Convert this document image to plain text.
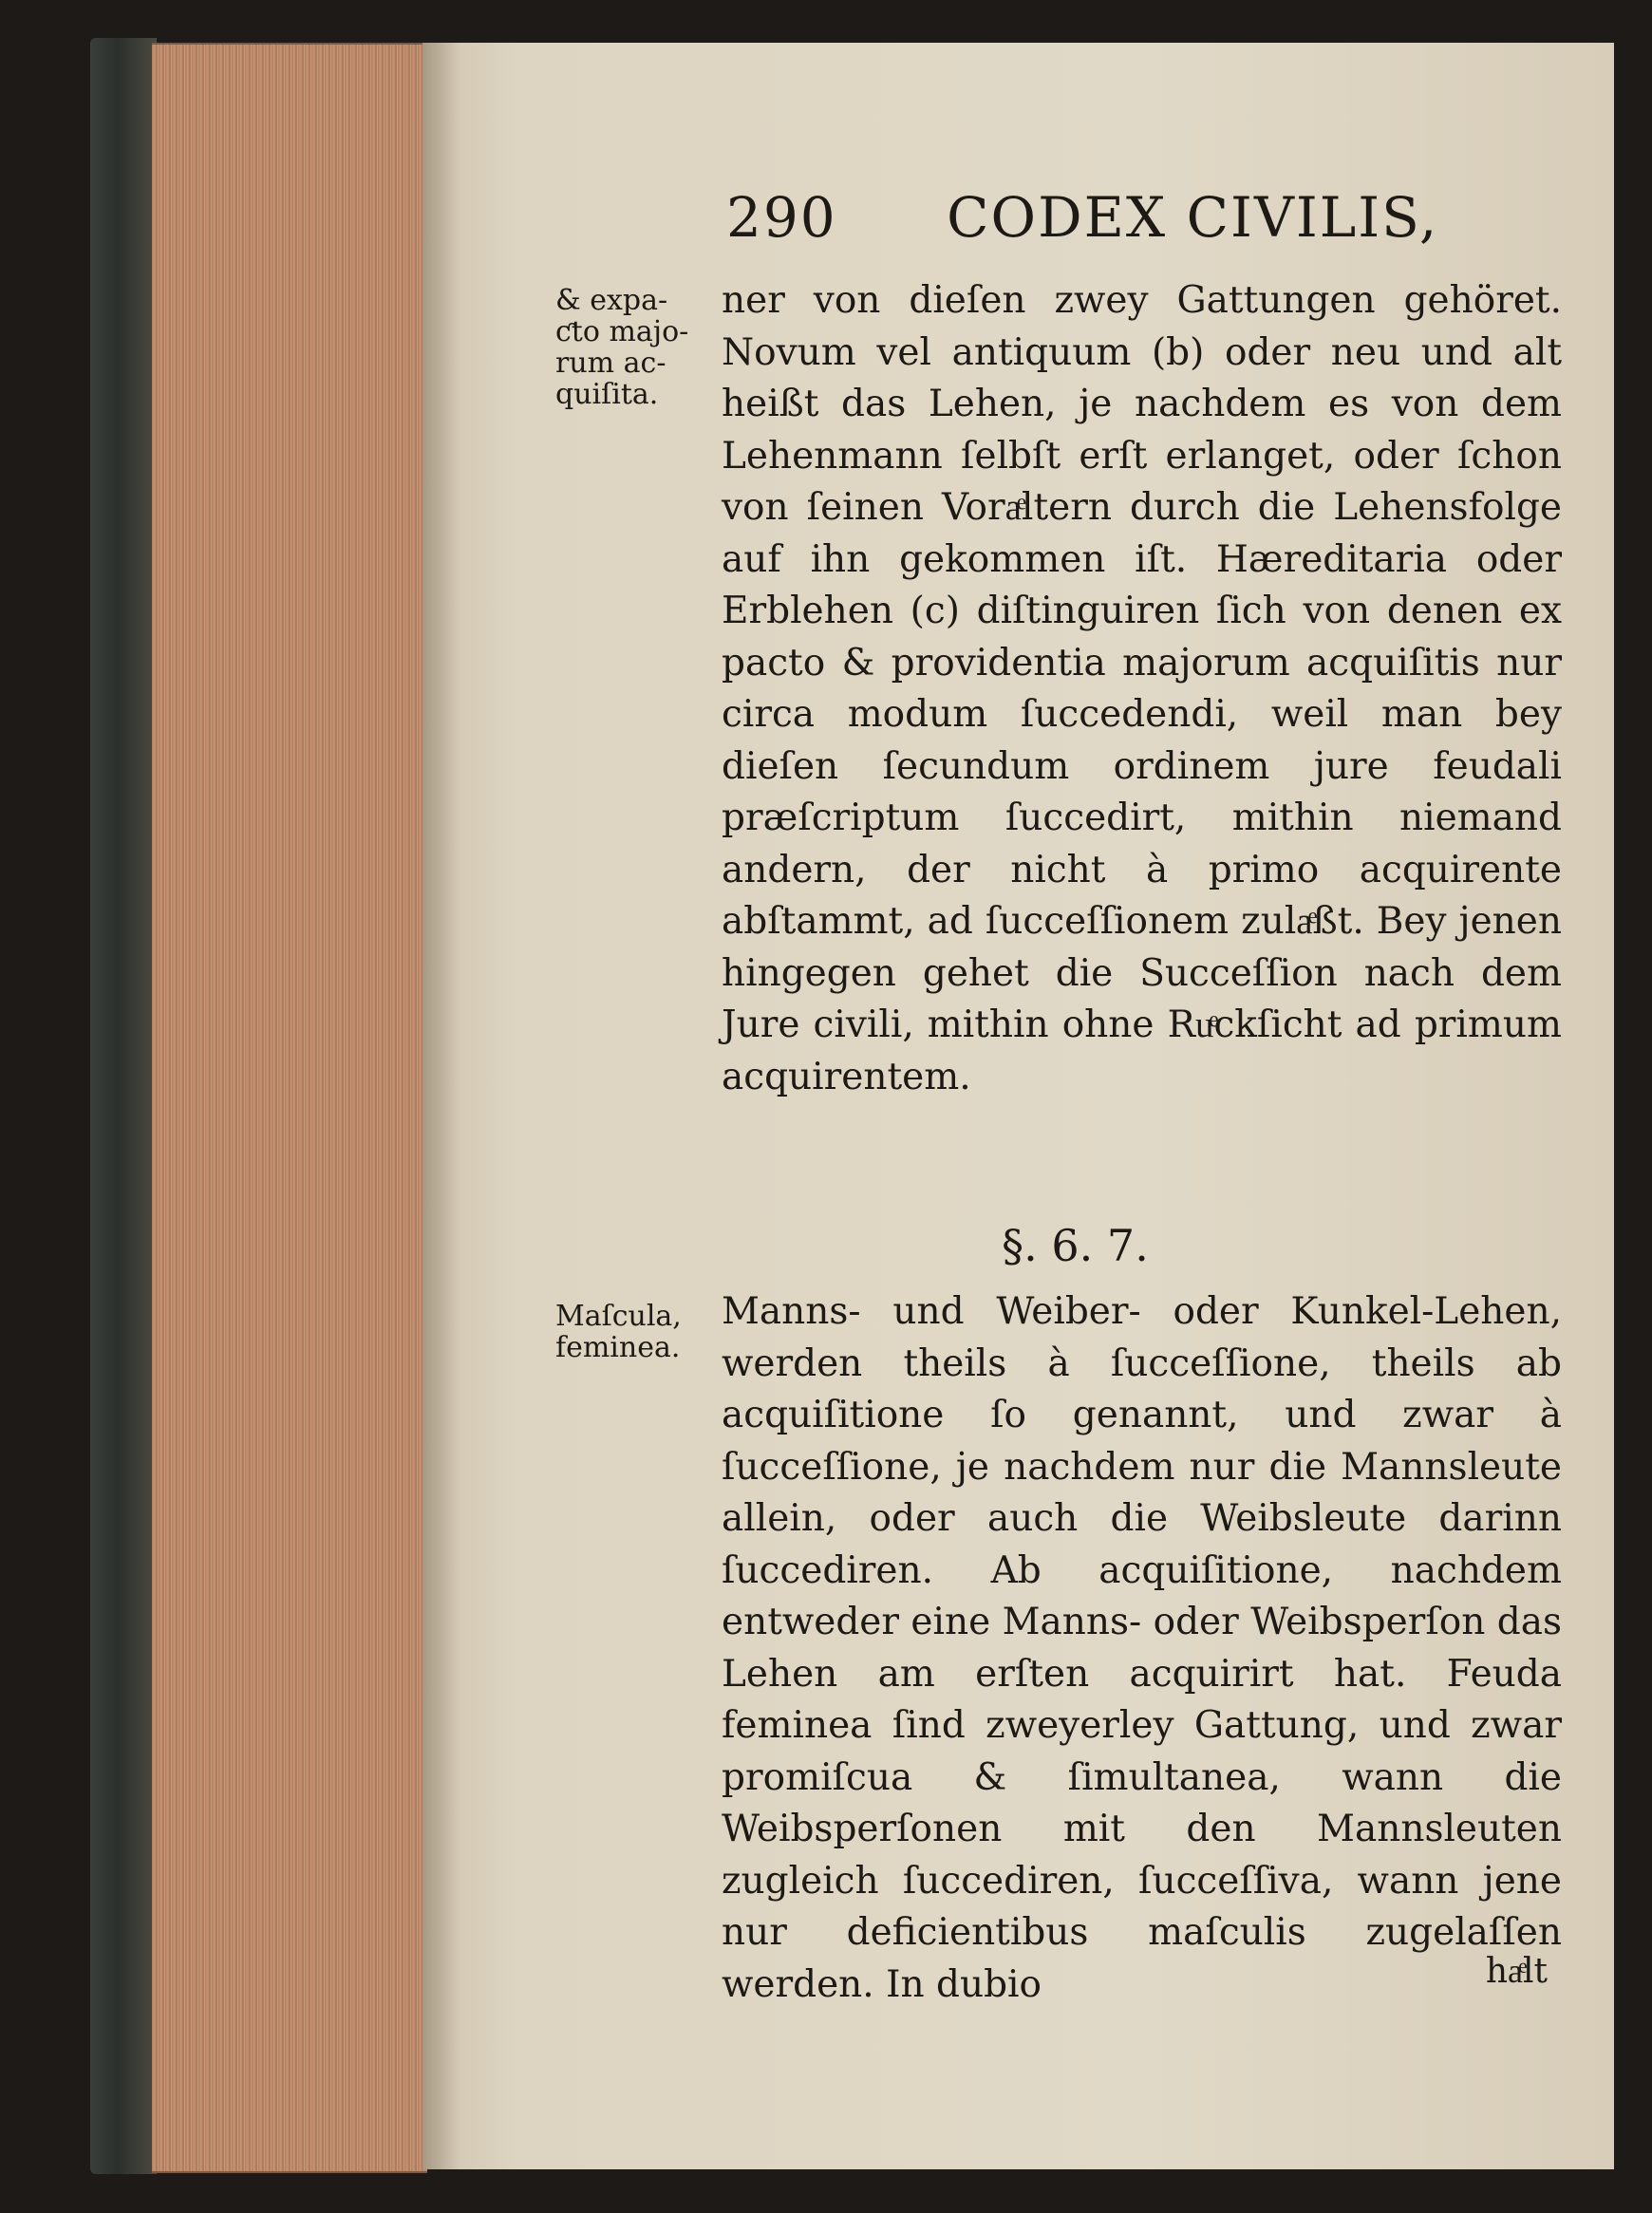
290 CODEX CIVILIS,
& expa-
ƈto majo-
rum ac-
quiſita.
ner von dieſen zwey Gattungen gehöret. Novum vel antiquum (b) oder neu und alt heißt das Lehen, je nachdem es von dem Lehenmann ſelbſt erſt erlanget, oder ſchon von ſeinen Voraͤltern durch die Lehensfolge auf ihn gekommen iſt. Hæreditaria oder Erblehen (c) diſtinguiren ſich von denen ex pacto & providentia majorum acquiſitis nur circa modum ſuccedendi, weil man bey dieſen ſecundum ordinem jure feudali præſcriptum ſuccedirt, mithin niemand andern, der nicht à primo acquirente abſtammt, ad ſucceſſionem zulaͤßt. Bey jenen hingegen gehet die Succeſſion nach dem Jure civili, mithin ohne Ruͤckſicht ad primum acquirentem.
§. 6. 7.
Maſcula,
feminea.
Manns- und Weiber- oder Kunkel-Lehen, werden theils à ſucceſſione, theils ab acquiſitione ſo genannt, und zwar à ſucceſſione, je nachdem nur die Mannsleute allein, oder auch die Weibsleute darinn ſuccediren. Ab acquiſitione, nachdem entweder eine Manns- oder Weibsperſon das Lehen am erſten acquirirt hat. Feuda feminea ſind zweyerley Gattung, und zwar promiſcua & ſimultanea, wann die Weibsperſonen mit den Mannsleuten zugleich ſuccediren, ſucceſſiva, wann jene nur deficientibus maſculis zugelaſſen werden. In dubio	haͤlt
